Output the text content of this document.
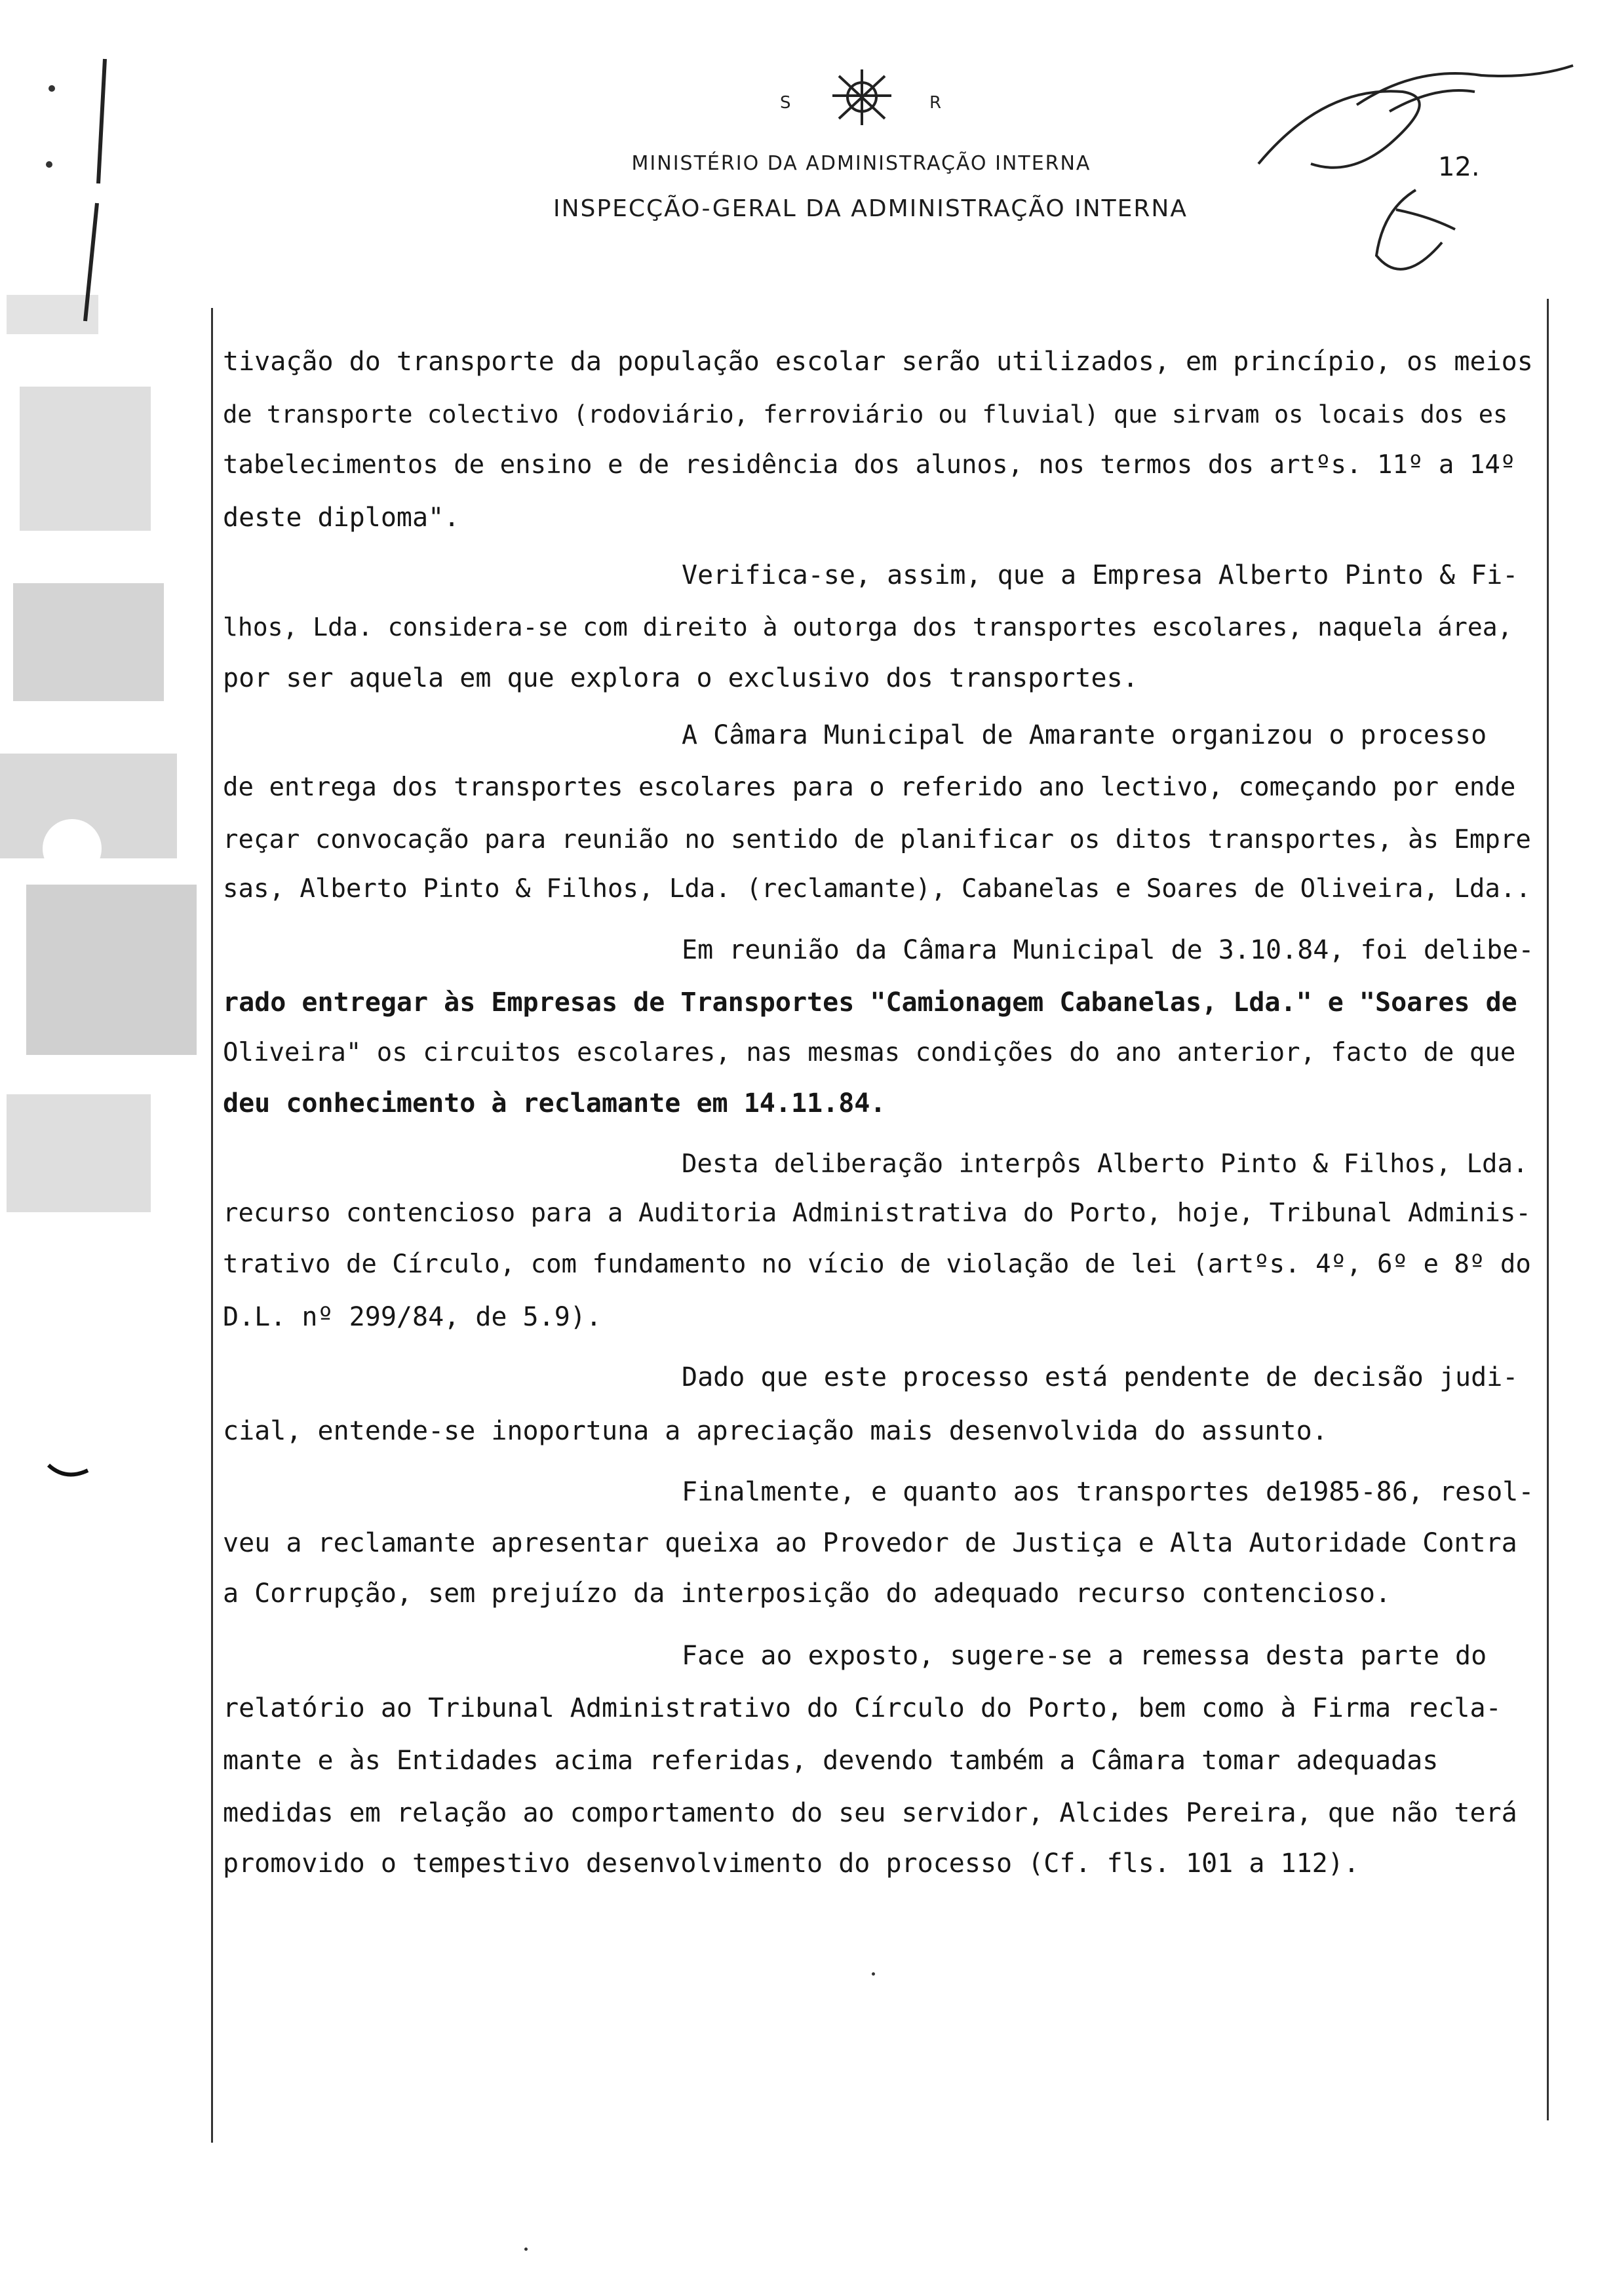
S	R
MINISTÉRIO DA ADMINISTRAÇÃO INTERNA
INSPECÇÃO-GERAL DA ADMINISTRAÇÃO INTERNA
12.
tivação do transporte da população escolar serão utilizados, em princípio, os meios
de transporte colectivo (rodoviário, ferroviário ou fluvial) que sirvam os locais dos es
tabelecimentos de ensino e de residência dos alunos, nos termos dos artºs. 11º a 14º
deste diploma".
Verifica-se, assim, que a Empresa Alberto Pinto & Fi-
lhos, Lda. considera-se com direito à outorga dos transportes escolares, naquela área,
por ser aquela em que explora o exclusivo dos transportes.
A Câmara Municipal de Amarante organizou o processo
de entrega dos transportes escolares para o referido ano lectivo, começando por ende
reçar convocação para reunião no sentido de planificar os ditos transportes, às Empre
sas, Alberto Pinto & Filhos, Lda. (reclamante), Cabanelas e Soares de Oliveira, Lda..
Em reunião da Câmara Municipal de 3.10.84, foi delibe-
rado entregar às Empresas de Transportes "Camionagem Cabanelas, Lda." e "Soares de
Oliveira" os circuitos escolares, nas mesmas condições do ano anterior, facto de que
deu conhecimento à reclamante em 14.11.84.
Desta deliberação interpôs Alberto Pinto & Filhos, Lda.
recurso contencioso para a Auditoria Administrativa do Porto, hoje, Tribunal Adminis-
trativo de Círculo, com fundamento no vício de violação de lei (artºs. 4º, 6º e 8º do
D.L. nº 299/84, de 5.9).
Dado que este processo está pendente de decisão judi-
cial, entende-se inoportuna a apreciação mais desenvolvida do assunto.
Finalmente, e quanto aos transportes de1985-86, resol-
veu a reclamante apresentar queixa ao Provedor de Justiça e Alta Autoridade Contra
a Corrupção, sem prejuízo da interposição do adequado recurso contencioso.
Face ao exposto, sugere-se a remessa desta parte do
relatório ao Tribunal Administrativo do Círculo do Porto, bem como à Firma recla-
mante e às Entidades acima referidas, devendo também a Câmara tomar adequadas
medidas em relação ao comportamento do seu servidor, Alcides Pereira, que não terá
promovido o tempestivo desenvolvimento do processo (Cf. fls. 101 a 112).
